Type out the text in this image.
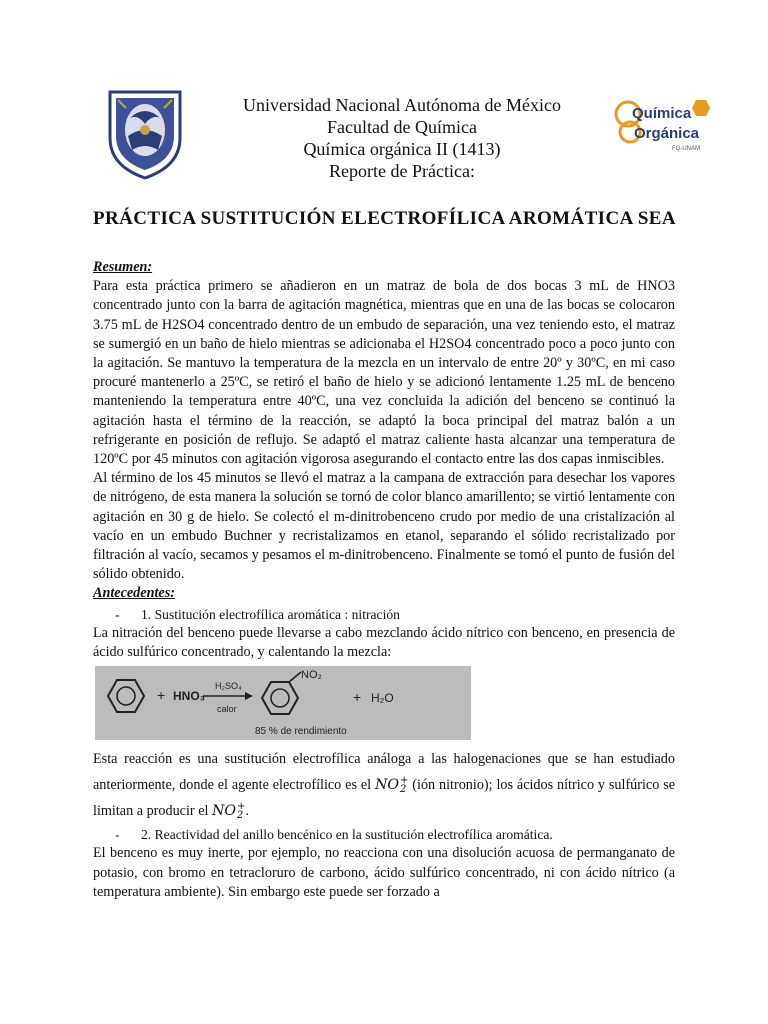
Universidad Nacional Autónoma de México
Facultad de Química
Química orgánica II (1413)
Reporte de Práctica:
Química
Orgánica
FQ-UNAM
PRÁCTICA SUSTITUCIÓN ELECTROFÍLICA AROMÁTICA SEA
Resumen:

Para esta práctica primero se añadieron en un matraz de bola de dos bocas 3 mL de HNO3 concentrado junto con la barra de agitación magnética, mientras que en una de las bocas se colocaron 3.75 mL de H2SO4 concentrado dentro de un embudo de separación, una vez teniendo esto, el matraz se sumergió en un baño de hielo mientras se adicionaba el H2SO4 concentrado poco a poco junto con la agitación. Se mantuvo la temperatura de la mezcla en un intervalo de entre 20º y 30ºC, en mi caso procuré mantenerlo a 25ºC, se retiró el baño de hielo y se adicionó lentamente 1.25 mL de benceno manteniendo la temperatura entre 40ºC, una vez concluida la adición del benceno se continuó la agitación hasta el término de la reacción, se adaptó la boca principal del matraz balón a un refrigerante en posición de reflujo. Se adaptó el matraz caliente hasta alcanzar una temperatura de 120ºC por 45 minutos con agitación vigorosa asegurando el contacto entre las dos capas inmiscibles.

Al término de los 45 minutos se llevó el matraz a la campana de extracción para desechar los vapores de nitrógeno, de esta manera la solución se tornó de color blanco amarillento; se virtió lentamente con agitación en 30 g de hielo. Se colectó el m-dinitrobenceno crudo por medio de una cristalización al vacío en un embudo Buchner y recristalizamos en etanol, separando el sólido recristalizado por filtración al vacío, secamos y pesamos el m-dinitrobenceno. Finalmente se tomó el punto de fusión del sólido obtenido.

Antecedentes:
- 1. Sustitución electrofílica aromática : nitración

La nitración del benceno puede llevarse a cabo mezclando ácido nítrico con benceno, en presencia de ácido sulfúrico concentrado, y calentando la mezcla:

+ HNO₃
H₂SO₄
calor
NO₂
+ H₂O
85 % de rendimiento

Esta reacción es una sustitución electrofílica análoga a las halogenaciones que se han estudiado anteriormente, donde el agente electrofílico es el NO +
2 (ión nitronio); los ácidos nítrico y sulfúrico se limitan a producir el NO +
2 .

- 2. Reactividad del anillo bencénico en la sustitución electrofílica aromática.

El benceno es muy inerte, por ejemplo, no reacciona con una disolución acuosa de permanganato de potasio, con bromo en tetracloruro de carbono, ácido sulfúrico concentrado, ni con ácido nítrico (a temperatura ambiente). Sin embargo este puede ser forzado a
